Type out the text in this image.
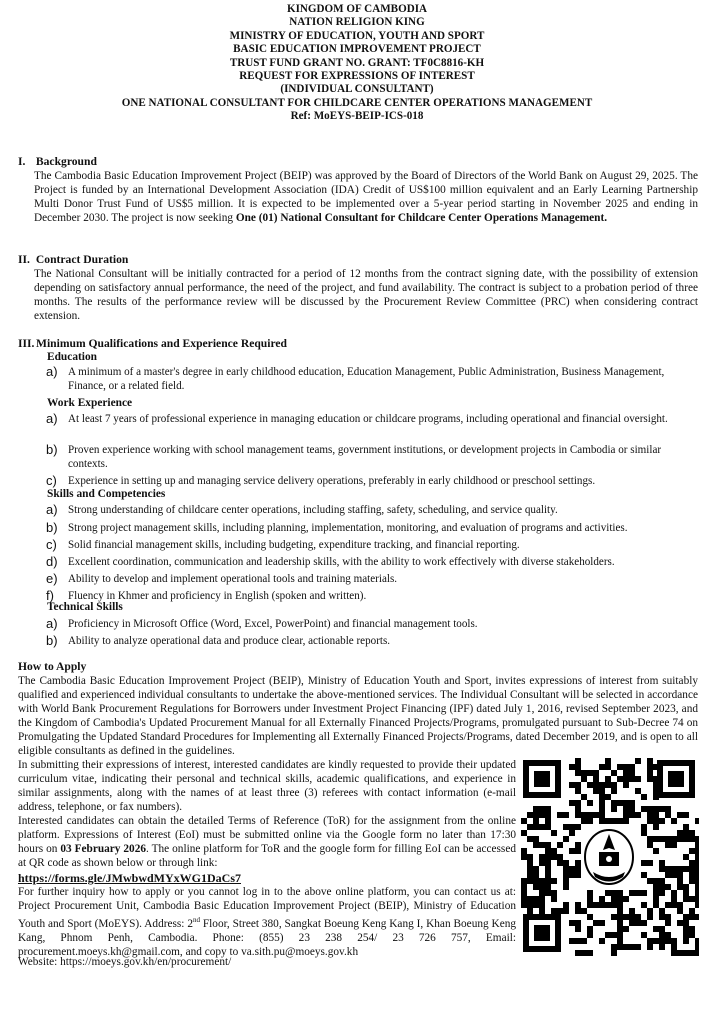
KINGDOM OF CAMBODIA
NATION RELIGION KING
MINISTRY OF EDUCATION, YOUTH AND SPORT
BASIC EDUCATION IMPROVEMENT PROJECT
TRUST FUND GRANT NO. GRANT: TF0C8816-KH
REQUEST FOR EXPRESSIONS OF INTEREST
(INDIVIDUAL CONSULTANT)
ONE NATIONAL CONSULTANT FOR CHILDCARE CENTER OPERATIONS MANAGEMENT
Ref: MoEYS-BEIP-ICS-018
I. Background
The Cambodia Basic Education Improvement Project (BEIP) was approved by the Board of Directors of the World Bank on August 29, 2025. The Project is funded by an International Development Association (IDA) Credit of US$100 million equivalent and an Early Learning Partnership Multi Donor Trust Fund of US$5 million. It is expected to be implemented over a 5-year period starting in November 2025 and ending in December 2030. The project is now seeking One (01) National Consultant for Childcare Center Operations Management.
II. Contract Duration
The National Consultant will be initially contracted for a period of 12 months from the contract signing date, with the possibility of extension depending on satisfactory annual performance, the need of the project, and fund availability. The contract is subject to a probation period of three months. The results of the performance review will be discussed by the Procurement Review Committee (PRC) when considering contract extension.
III. Minimum Qualifications and Experience Required
Education
a) A minimum of a master's degree in early childhood education, Education Management, Public Administration, Business Management, Finance, or a related field.
Work Experience
a) At least 7 years of professional experience in managing education or childcare programs, including operational and financial oversight.
b) Proven experience working with school management teams, government institutions, or development projects in Cambodia or similar contexts.
c) Experience in setting up and managing service delivery operations, preferably in early childhood or preschool settings.
Skills and Competencies
a) Strong understanding of childcare center operations, including staffing, safety, scheduling, and service quality.
b) Strong project management skills, including planning, implementation, monitoring, and evaluation of programs and activities.
c) Solid financial management skills, including budgeting, expenditure tracking, and financial reporting.
d) Excellent coordination, communication and leadership skills, with the ability to work effectively with diverse stakeholders.
e) Ability to develop and implement operational tools and training materials.
f) Fluency in Khmer and proficiency in English (spoken and written).
Technical Skills
a) Proficiency in Microsoft Office (Word, Excel, PowerPoint) and financial management tools.
b) Ability to analyze operational data and produce clear, actionable reports.
How to Apply
The Cambodia Basic Education Improvement Project (BEIP), Ministry of Education Youth and Sport, invites expressions of interest from suitably qualified and experienced individual consultants to undertake the above-mentioned services. The Individual Consultant will be selected in accordance with World Bank Procurement Regulations for Borrowers under Investment Project Financing (IPF) dated July 1, 2016, revised September 2023, and the Kingdom of Cambodia's Updated Procurement Manual for all Externally Financed Projects/Programs, promulgated pursuant to Sub-Decree 74 on Promulgating the Updated Standard Procedures for Implementing all Externally Financed Projects/Programs, dated December 2019, and is open to all eligible consultants as defined in the guidelines.
In submitting their expressions of interest, interested candidates are kindly requested to provide their updated curriculum vitae, indicating their personal and technical skills, academic qualifications, and experience in similar assignments, along with the names of at least three (3) referees with contact information (e-mail address, telephone, or fax numbers).
Interested candidates can obtain the detailed Terms of Reference (ToR) for the assignment from the online platform. Expressions of Interest (EoI) must be submitted online via the Google form no later than 17:30 hours on 03 February 2026. The online platform for ToR and the google form for filling EoI can be accessed at QR code as shown below or through link:
https://forms.gle/JMwbwdMYxWG1DaCs7
For further inquiry how to apply or you cannot log in to the above online platform, you can contact us at: Project Procurement Unit, Cambodia Basic Education Improvement Project (BEIP), Ministry of Education Youth and Sport (MoEYS). Address: 2nd Floor, Street 380, Sangkat Boeung Keng Kang I, Khan Boeung Keng Kang, Phnom Penh, Cambodia. Phone: (855) 23 238 254/ 23 726 757, Email: procurement.moeys.kh@gmail.com, and copy to va.sith.pu@moeys.gov.kh
Website: https://moeys.gov.kh/en/procurement/
